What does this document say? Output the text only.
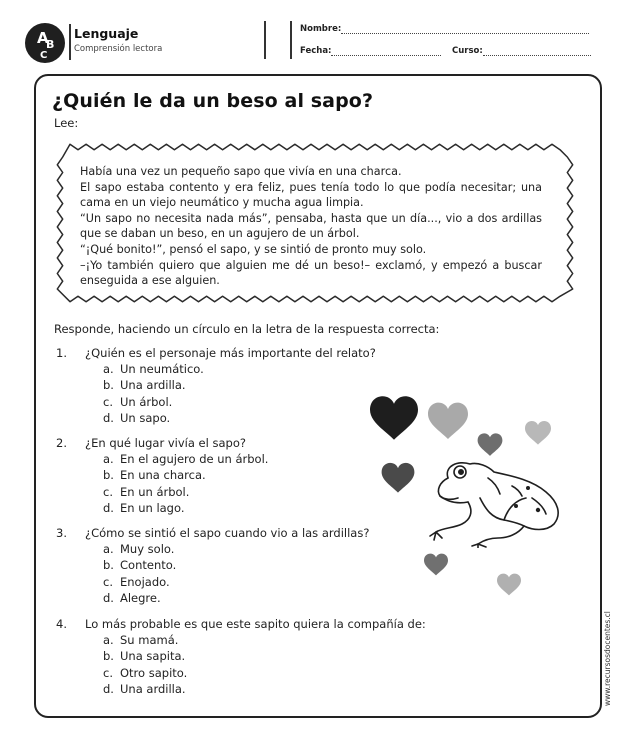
A
B
C
Lenguaje
Comprensión lectora
Nombre:
Fecha:	Curso:
¿Quién le da un beso al sapo?
Lee:

Había una vez un pequeño sapo que vivía en una charca.

El sapo estaba contento y era feliz, pues tenía todo lo que podía necesitar; una cama en un viejo neumático y mucha agua limpia.

“Un sapo no necesita nada más”, pensaba, hasta que un día..., vio a dos ardillas que se daban un beso, en un agujero de un árbol.

“¡Qué bonito!”, pensó el sapo, y se sintió de pronto muy solo.

–¡Yo también quiero que alguien me dé un beso!– exclamó, y empezó a buscar enseguida a ese alguien.

Responde, haciendo un círculo en la letra de la respuesta correcta:
1. ¿Quién es el personaje más importante del relato?
a. Un neumático.
b. Una ardilla.
c. Un árbol.
d. Un sapo.
2. ¿En qué lugar vivía el sapo?
a. En el agujero de un árbol.
b. En una charca.
c. En un árbol.
d. En un lago.
3. ¿Cómo se sintió el sapo cuando vio a las ardillas?
a. Muy solo.
b. Contento.
c. Enojado.
d. Alegre.
4. Lo más probable es que este sapito quiera la compañía de:
a. Su mamá.
b. Una sapita.
c. Otro sapito.
d. Una ardilla.	www.recursosdocentes.cl
